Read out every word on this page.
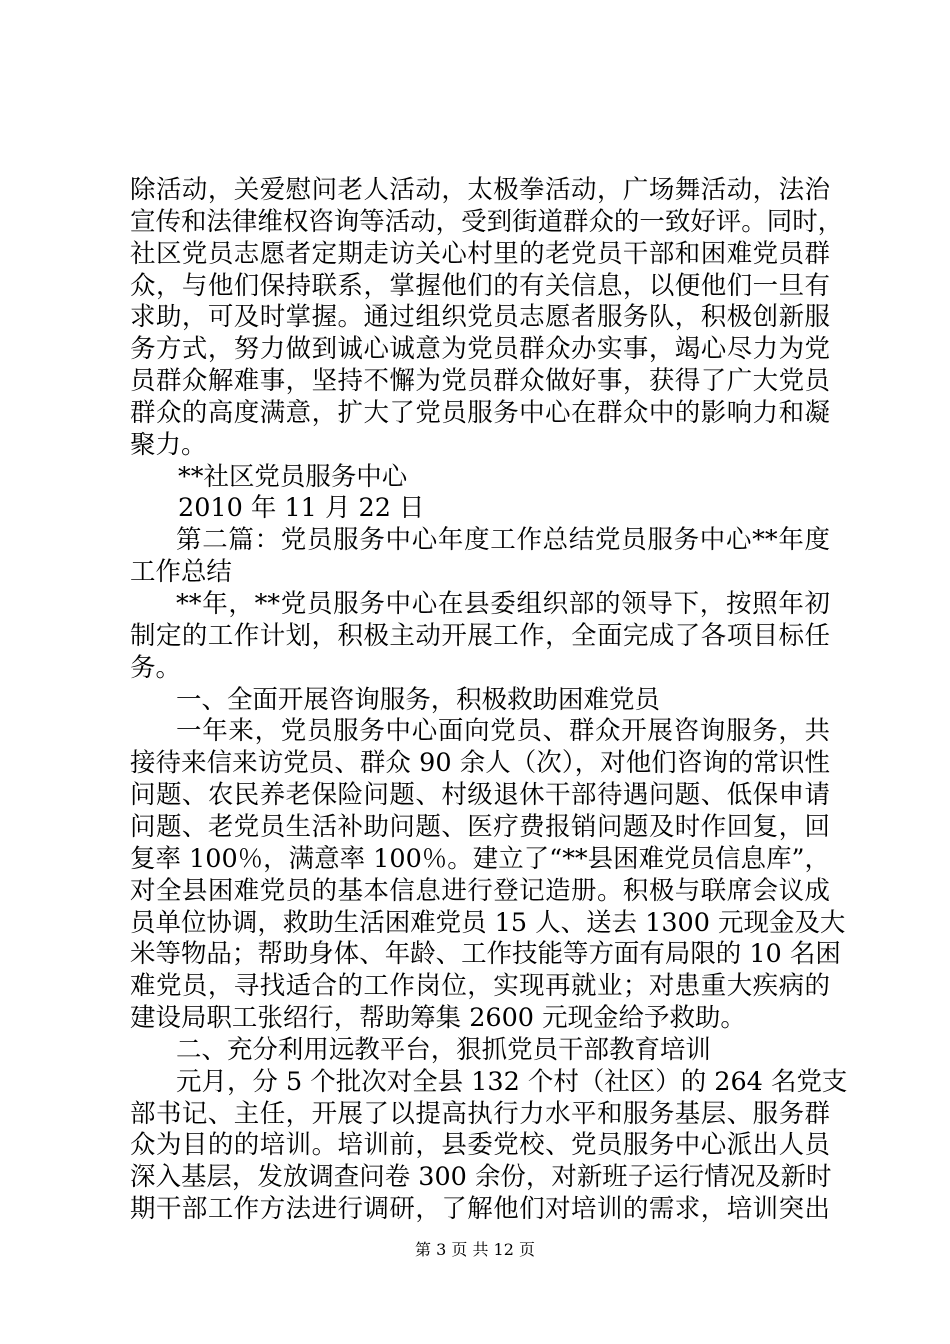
除活动，关爱慰问老人活动，太极拳活动，广场舞活动，法治
宣传和法律维权咨询等活动，受到街道群众的一致好评。同时，
社区党员志愿者定期走访关心村里的老党员干部和困难党员群
众，与他们保持联系，掌握他们的有关信息，以便他们一旦有
求助，可及时掌握。通过组织党员志愿者服务队，积极创新服
务方式，努力做到诚心诚意为党员群众办实事，竭心尽力为党
员群众解难事，坚持不懈为党员群众做好事，获得了广大党员
群众的高度满意，扩大了党员服务中心在群众中的影响力和凝
聚力。
**社区党员服务中心
2010 年 11 月 22 日
第二篇：党员服务中心年度工作总结党员服务中心**年度
工作总结
**年，**党员服务中心在县委组织部的领导下，按照年初
制定的工作计划，积极主动开展工作，全面完成了各项目标任
务。
一、全面开展咨询服务，积极救助困难党员
一年来，党员服务中心面向党员、群众开展咨询服务，共
接待来信来访党员、群众 90 余人（次），对他们咨询的常识性
问题、农民养老保险问题、村级退休干部待遇问题、低保申请
问题、老党员生活补助问题、医疗费报销问题及时作回复，回
复率 100％，满意率 100％。建立了“**县困难党员信息库”，
对全县困难党员的基本信息进行登记造册。积极与联席会议成
员单位协调，救助生活困难党员 15 人、送去 1300 元现金及大
米等物品；帮助身体、年龄、工作技能等方面有局限的 10 名困
难党员，寻找适合的工作岗位，实现再就业；对患重大疾病的
建设局职工张绍行，帮助筹集 2600 元现金给予救助。
二、充分利用远教平台，狠抓党员干部教育培训
元月，分 5 个批次对全县 132 个村（社区）的 264 名党支
部书记、主任，开展了以提高执行力水平和服务基层、服务群
众为目的的培训。培训前，县委党校、党员服务中心派出人员
第 3 页 共 12 页
深入基层，发放调查问卷 300 余份，对新班子运行情况及新时
期干部工作方法进行调研，了解他们对培训的需求，培训突出
